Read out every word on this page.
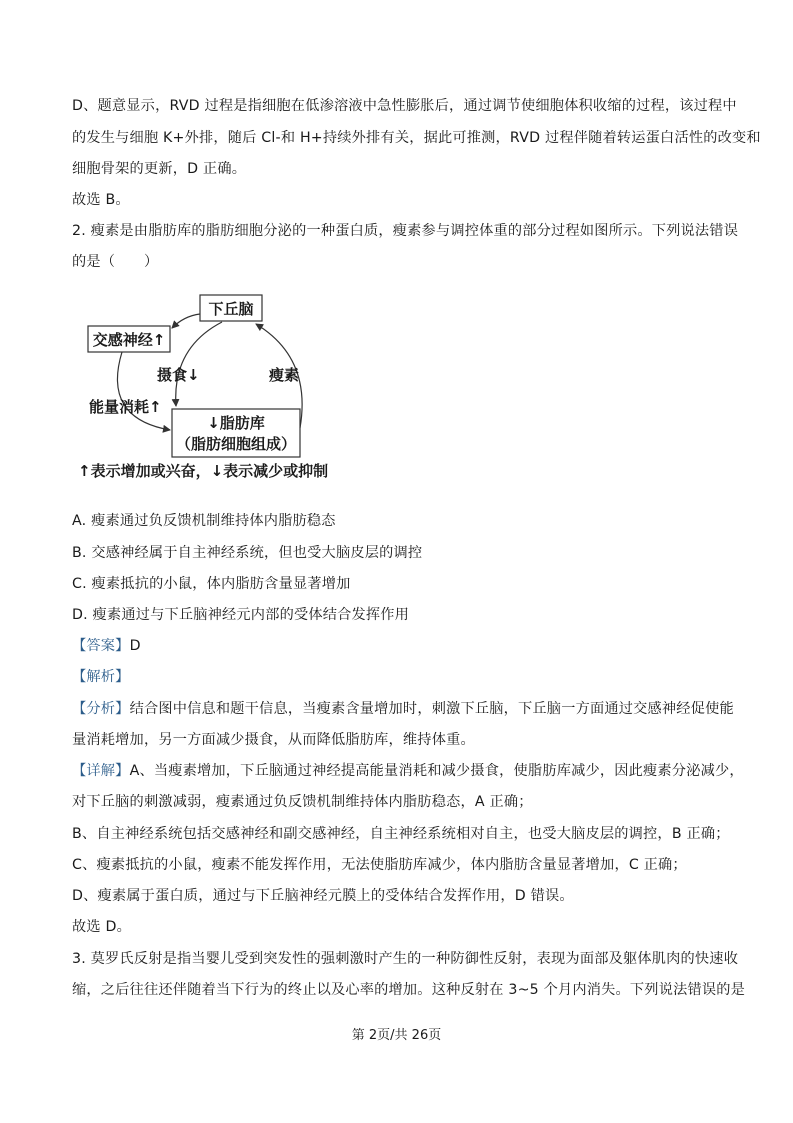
D、题意显示，RVD 过程是指细胞在低渗溶液中急性膨胀后，通过调节使细胞体积收缩的过程，该过程中
的发生与细胞 K+外排，随后 Cl-和 H+持续外排有关，据此可推测，RVD 过程伴随着转运蛋白活性的改变和
细胞骨架的更新，D 正确。
故选 B。
2. 瘦素是由脂肪库的脂肪细胞分泌的一种蛋白质，瘦素参与调控体重的部分过程如图所示。下列说法错误
的是（　　）
下丘脑
交感神经↑
↓脂肪库
（脂肪细胞组成）
摄食↓	瘦素
能量消耗↑
↑表示增加或兴奋，↓表示减少或抑制
A. 瘦素通过负反馈机制维持体内脂肪稳态
B. 交感神经属于自主神经系统，但也受大脑皮层的调控
C. 瘦素抵抗的小鼠，体内脂肪含量显著增加
D. 瘦素通过与下丘脑神经元内部的受体结合发挥作用
【答案】D
【解析】
【分析】结合图中信息和题干信息，当瘦素含量增加时，刺激下丘脑，下丘脑一方面通过交感神经促使能
量消耗增加，另一方面减少摄食，从而降低脂肪库，维持体重。
【详解】A、当瘦素增加，下丘脑通过神经提高能量消耗和减少摄食，使脂肪库减少，因此瘦素分泌减少，
对下丘脑的刺激减弱，瘦素通过负反馈机制维持体内脂肪稳态，A 正确；
B、自主神经系统包括交感神经和副交感神经，自主神经系统相对自主，也受大脑皮层的调控，B 正确；
C、瘦素抵抗的小鼠，瘦素不能发挥作用，无法使脂肪库减少，体内脂肪含量显著增加，C 正确；
D、瘦素属于蛋白质，通过与下丘脑神经元膜上的受体结合发挥作用，D 错误。
故选 D。
3. 莫罗氏反射是指当婴儿受到突发性的强刺激时产生的一种防御性反射，表现为面部及躯体肌肉的快速收
缩，之后往往还伴随着当下行为的终止以及心率的增加。这种反射在 3~5 个月内消失。下列说法错误的是
第 2页/共 26页
